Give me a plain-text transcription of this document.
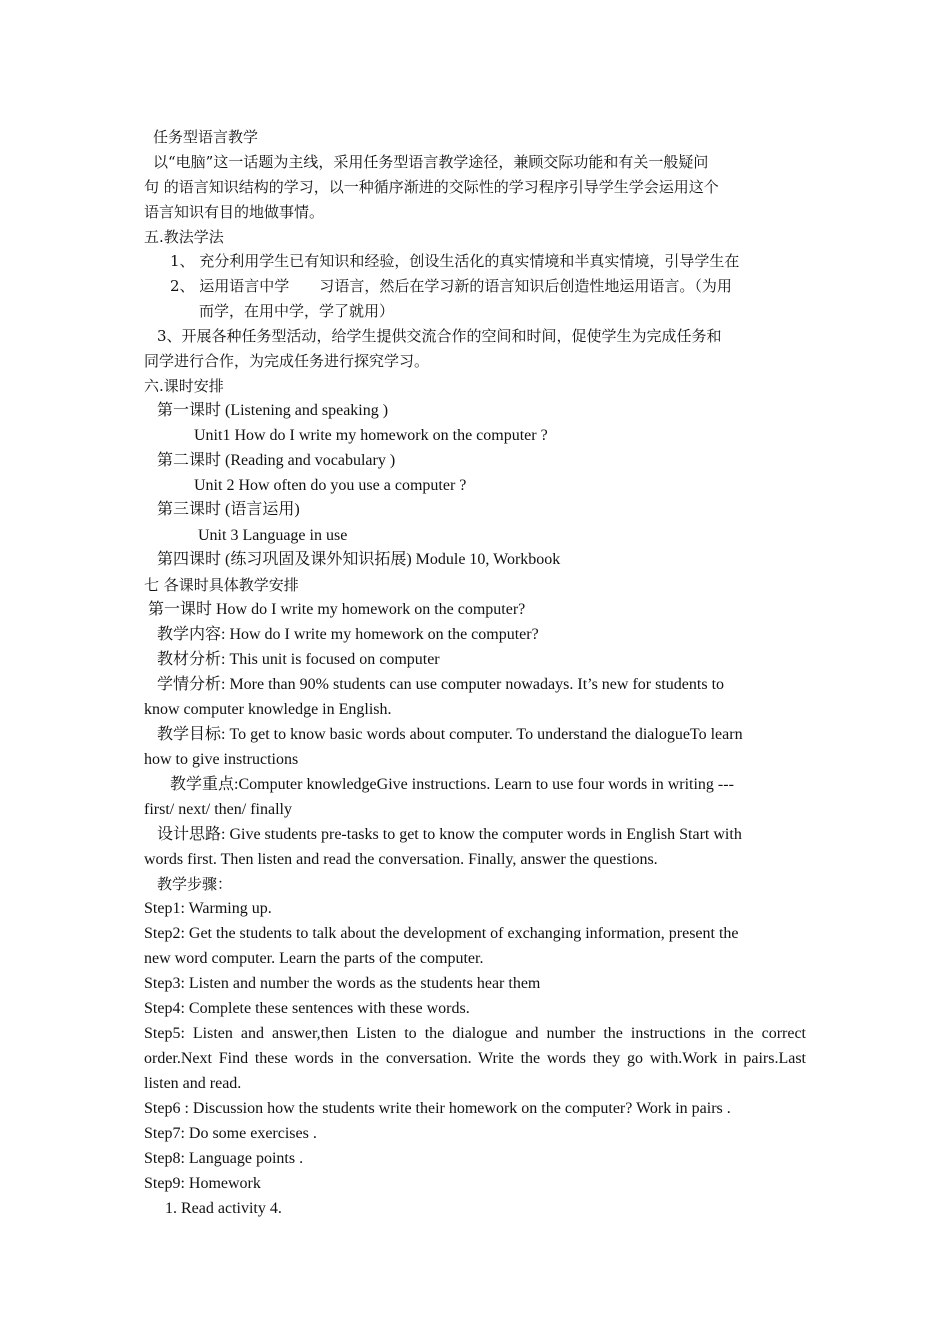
任务型语言教学
以“电脑”这一话题为主线，采用任务型语言教学途径，兼顾交际功能和有关一般疑问
句 的语言知识结构的学习，以一种循序渐进的交际性的学习程序引导学生学会运用这个
语言知识有目的地做事情。
五.教法学法
1、 充分利用学生已有知识和经验，创设生活化的真实情境和半真实情境，引导学生在
2、 运用语言中学　　习语言，然后在学习新的语言知识后创造性地运用语言。（为用
而学，在用中学，学了就用）
3、开展各种任务型活动，给学生提供交流合作的空间和时间，促使学生为完成任务和
同学进行合作，为完成任务进行探究学习。
六.课时安排
第一课时 (Listening and speaking )
Unit1 How do I write my homework on the computer ?
第二课时 (Reading and vocabulary )
Unit 2 How often do you use a computer ?
第三课时 (语言运用)
Unit 3 Language in use
第四课时 (练习巩固及课外知识拓展) Module 10, Workbook
七 各课时具体教学安排
第一课时 How do I write my homework on the computer?
教学内容: How do I write my homework on the computer?
教材分析: This unit is focused on computer
学情分析: More than 90% students can use computer nowadays. It’s new for students to
know computer knowledge in English.
教学目标: To get to know basic words about computer. To understand the dialogueTo learn
how to give instructions
教学重点:Computer knowledgeGive instructions. Learn to use four words in writing ---
first/ next/ then/ finally
设计思路: Give students pre-tasks to get to know the computer words in English Start with
words first. Then listen and read the conversation. Finally, answer the questions.
教学步骤：
Step1: Warming up.
Step2: Get the students to talk about the development of exchanging information, present the
new word computer. Learn the parts of the computer.
Step3: Listen and number the words as the students hear them
Step4: Complete these sentences with these words.
Step5: Listen and answer,then Listen to the dialogue and number the instructions in the correct
order.Next Find these words in the conversation. Write the words they go with.Work in pairs.Last
listen and read.
Step6 : Discussion how the students write their homework on the computer? Work in pairs .
Step7: Do some exercises .
Step8: Language points .
Step9: Homework
1. Read activity 4.
